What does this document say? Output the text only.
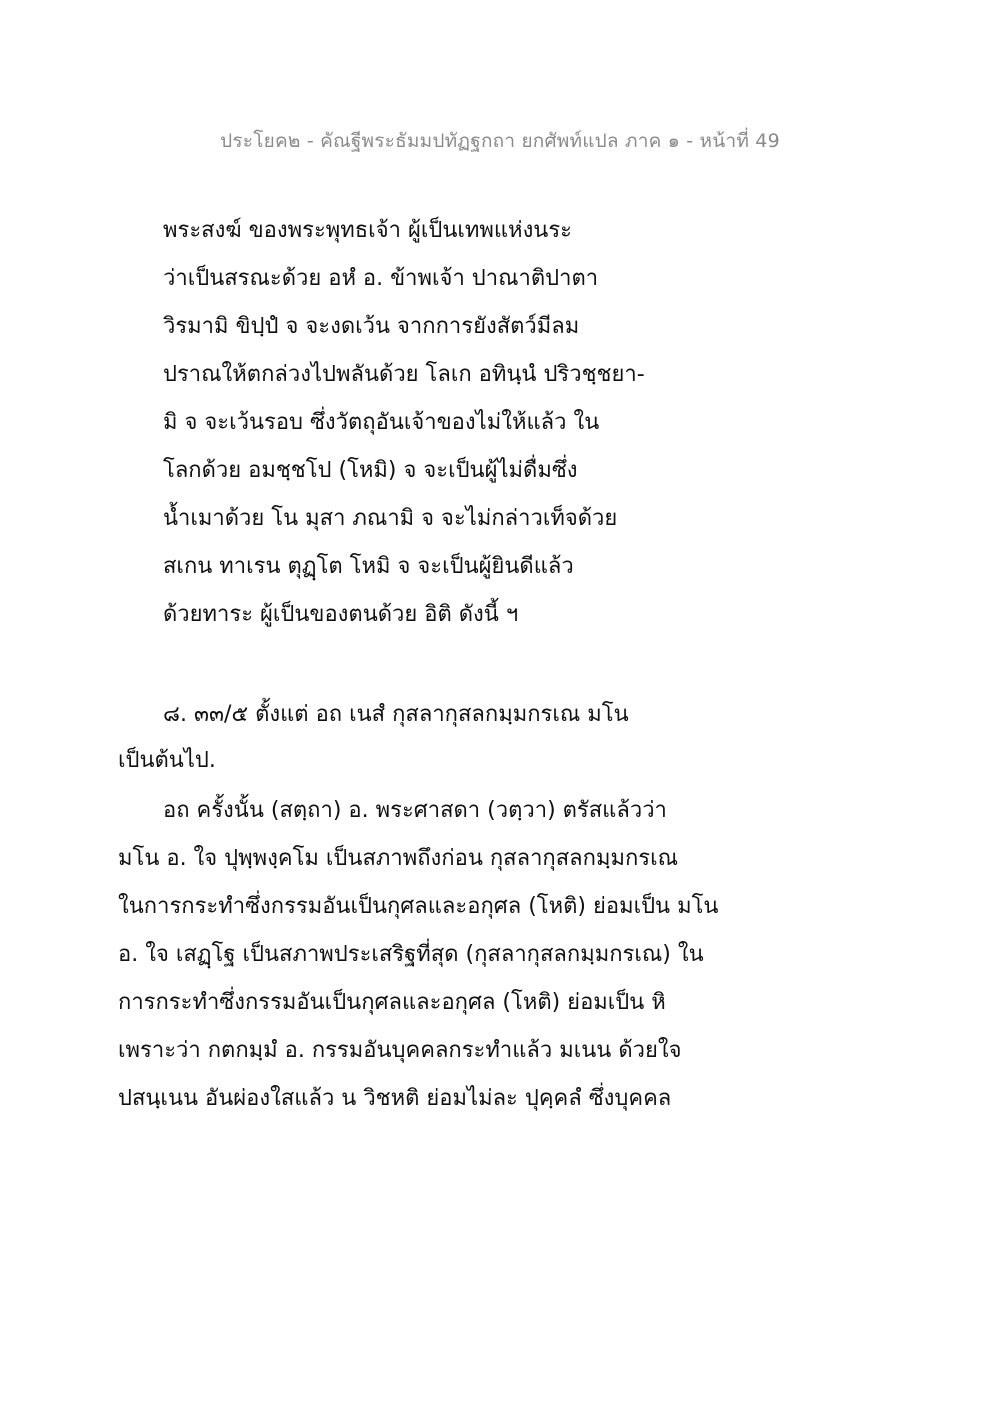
ประโยค๒ - คัณฐีพระธัมมปทัฏฐกถา ยกศัพท์แปล ภาค ๑ - หน้าที่ 49
พระสงฆ์ ของพระพุทธเจ้า ผู้เป็นเทพแห่งนระ
ว่าเป็นสรณะด้วย อหํ อ. ข้าพเจ้า ปาณาติปาตา
วิรมามิ ขิปฺปํ จ จะงดเว้น จากการยังสัตว์มีลม
ปราณให้ตกล่วงไปพลันด้วย โลเก อทินฺนํ ปริวชฺชยา-
มิ จ จะเว้นรอบ ซึ่งวัตถุอันเจ้าของไม่ให้แล้ว ใน
โลกด้วย อมชฺชโป (โหมิ) จ จะเป็นผู้ไม่ดื่มซึ่ง
น้ำเมาด้วย โน มุสา ภณามิ จ จะไม่กล่าวเท็จด้วย
สเกน ทาเรน ตุฏฺโต โหมิ จ จะเป็นผู้ยินดีแล้ว
ด้วยทาระ ผู้เป็นของตนด้วย อิติ ดังนี้ ฯ
๘. ๓๓/๕ ตั้งแต่ อถ เนสํ กุสลากุสลกมฺมกรเณ มโน
เป็นต้นไป.
อถ ครั้งนั้น (สตฺถา) อ. พระศาสดา (วตฺวา) ตรัสแล้วว่า
มโน อ. ใจ ปุพฺพงฺคโม เป็นสภาพถึงก่อน กุสลากุสลกมฺมกรเณ
ในการกระทำซึ่งกรรมอันเป็นกุศลและอกุศล (โหติ) ย่อมเป็น มโน
อ. ใจ เสฏฺโฐ เป็นสภาพประเสริฐที่สุด (กุสลากุสลกมฺมกรเณ) ใน
การกระทำซึ่งกรรมอันเป็นกุศลและอกุศล (โหติ) ย่อมเป็น หิ
เพราะว่า กตกมฺมํ อ. กรรมอันบุคคลกระทำแล้ว มเนน ด้วยใจ
ปสนฺเนน อันผ่องใสแล้ว น วิชหติ ย่อมไม่ละ ปุคฺคลํ ซึ่งบุคคล
